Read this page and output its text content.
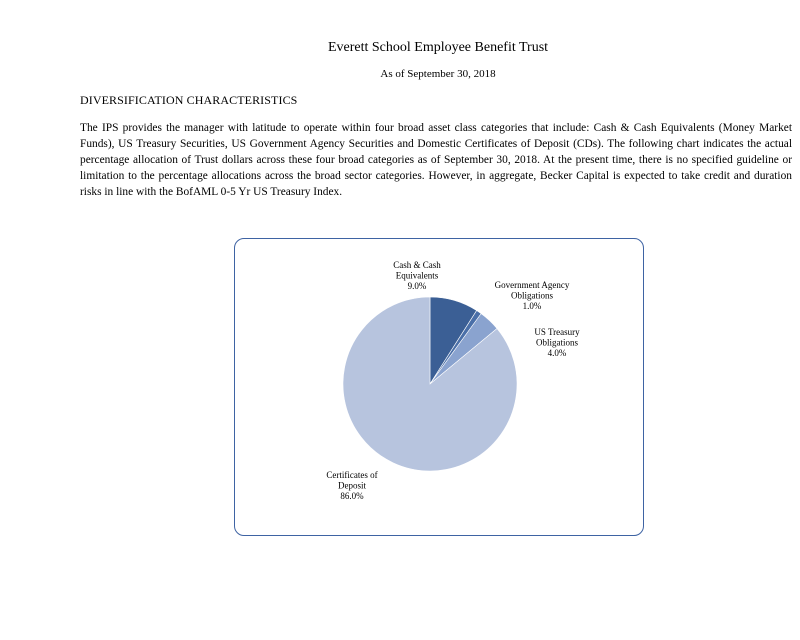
Everett School Employee Benefit Trust
As of September 30, 2018
DIVERSIFICATION CHARACTERISTICS
The IPS provides the manager with latitude to operate within four broad asset class categories that include: Cash & Cash Equivalents (Money Market Funds), US Treasury Securities, US Government Agency Securities and Domestic Certificates of Deposit (CDs). The following chart indicates the actual percentage allocation of Trust dollars across these four broad categories as of September 30, 2018. At the present time, there is no specified guideline or limitation to the percentage allocations across the broad sector categories. However, in aggregate, Becker Capital is expected to take credit and duration risks in line with the BofAML 0-5 Yr US Treasury Index.
Cash & Cash Equivalents 9.0%	Government Agency Obligations 1.0%
US Treasury Obligations 4.0%
Certificates of Deposit 86.0%
